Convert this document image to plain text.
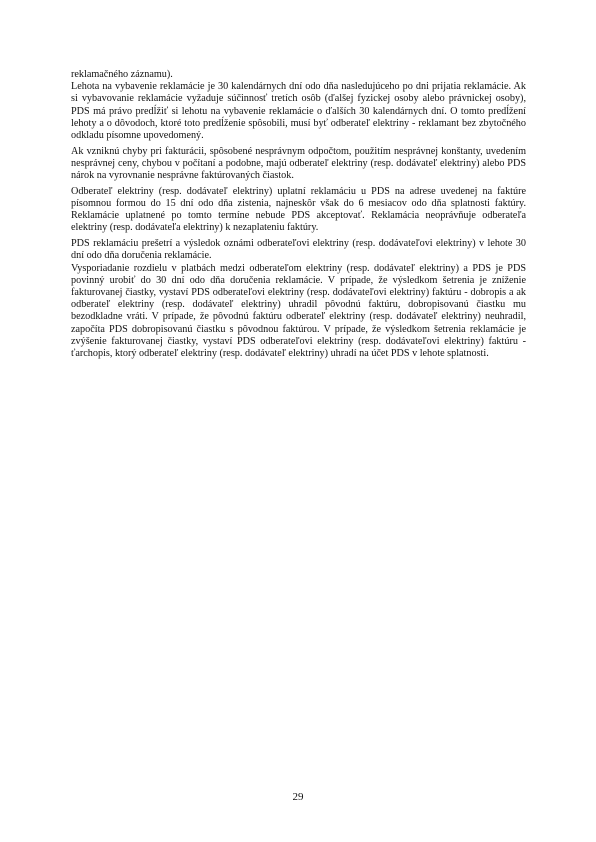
reklamačného záznamu).

Lehota na vybavenie reklamácie je 30 kalendárnych dní odo dňa nasledujúceho po dni prijatia reklamácie. Ak si vybavovanie reklamácie vyžaduje súčinnosť tretích osôb (ďalšej fyzickej osoby alebo právnickej osoby), PDS má právo predĺžiť si lehotu na vybavenie reklamácie o ďalších 30 kalendárnych dní. O tomto predĺžení lehoty a o dôvodoch, ktoré toto predĺženie spôsobili, musí byť odberateľ elektriny - reklamant bez zbytočného odkladu písomne upovedomený.

Ak vzniknú chyby pri fakturácii, spôsobené nesprávnym odpočtom, použitím nesprávnej konštanty, uvedením nesprávnej ceny, chybou v počítaní a podobne, majú odberateľ elektriny (resp. dodávateľ elektriny) alebo PDS nárok na vyrovnanie nesprávne faktúrovaných čiastok.

Odberateľ elektriny (resp. dodávateľ elektriny) uplatní reklamáciu u PDS na adrese uvedenej na faktúre písomnou formou do 15 dní odo dňa zistenia, najneskôr však do 6 mesiacov odo dňa splatnosti faktúry. Reklamácie uplatnené po tomto termíne nebude PDS akceptovať. Reklamácia neoprávňuje odberateľa elektriny (resp. dodávateľa elektriny) k nezaplateniu faktúry.

PDS reklamáciu prešetrí a výsledok oznámi odberateľovi elektriny (resp. dodávateľovi elektriny) v lehote 30 dní odo dňa doručenia reklamácie.

Vysporiadanie rozdielu v platbách medzi odberateľom elektriny (resp. dodávateľ elektriny) a PDS je PDS povinný urobiť do 30 dní odo dňa doručenia reklamácie. V prípade, že výsledkom šetrenia je zníženie fakturovanej čiastky, vystaví PDS odberateľovi elektriny (resp. dodávateľovi elektriny) faktúru - dobropis a ak odberateľ elektriny (resp. dodávateľ elektriny) uhradil pôvodnú faktúru, dobropisovanú čiastku mu bezodkladne vráti. V prípade, že pôvodnú faktúru odberateľ elektriny (resp. dodávateľ elektriny) neuhradil, započíta PDS dobropisovanú čiastku s pôvodnou faktúrou. V prípade, že výsledkom šetrenia reklamácie je zvýšenie fakturovanej čiastky, vystaví PDS odberateľovi elektriny (resp. dodávateľovi elektriny) faktúru - ťarchopis, ktorý odberateľ elektriny (resp. dodávateľ elektriny) uhradí na účet PDS v lehote splatnosti.

29
